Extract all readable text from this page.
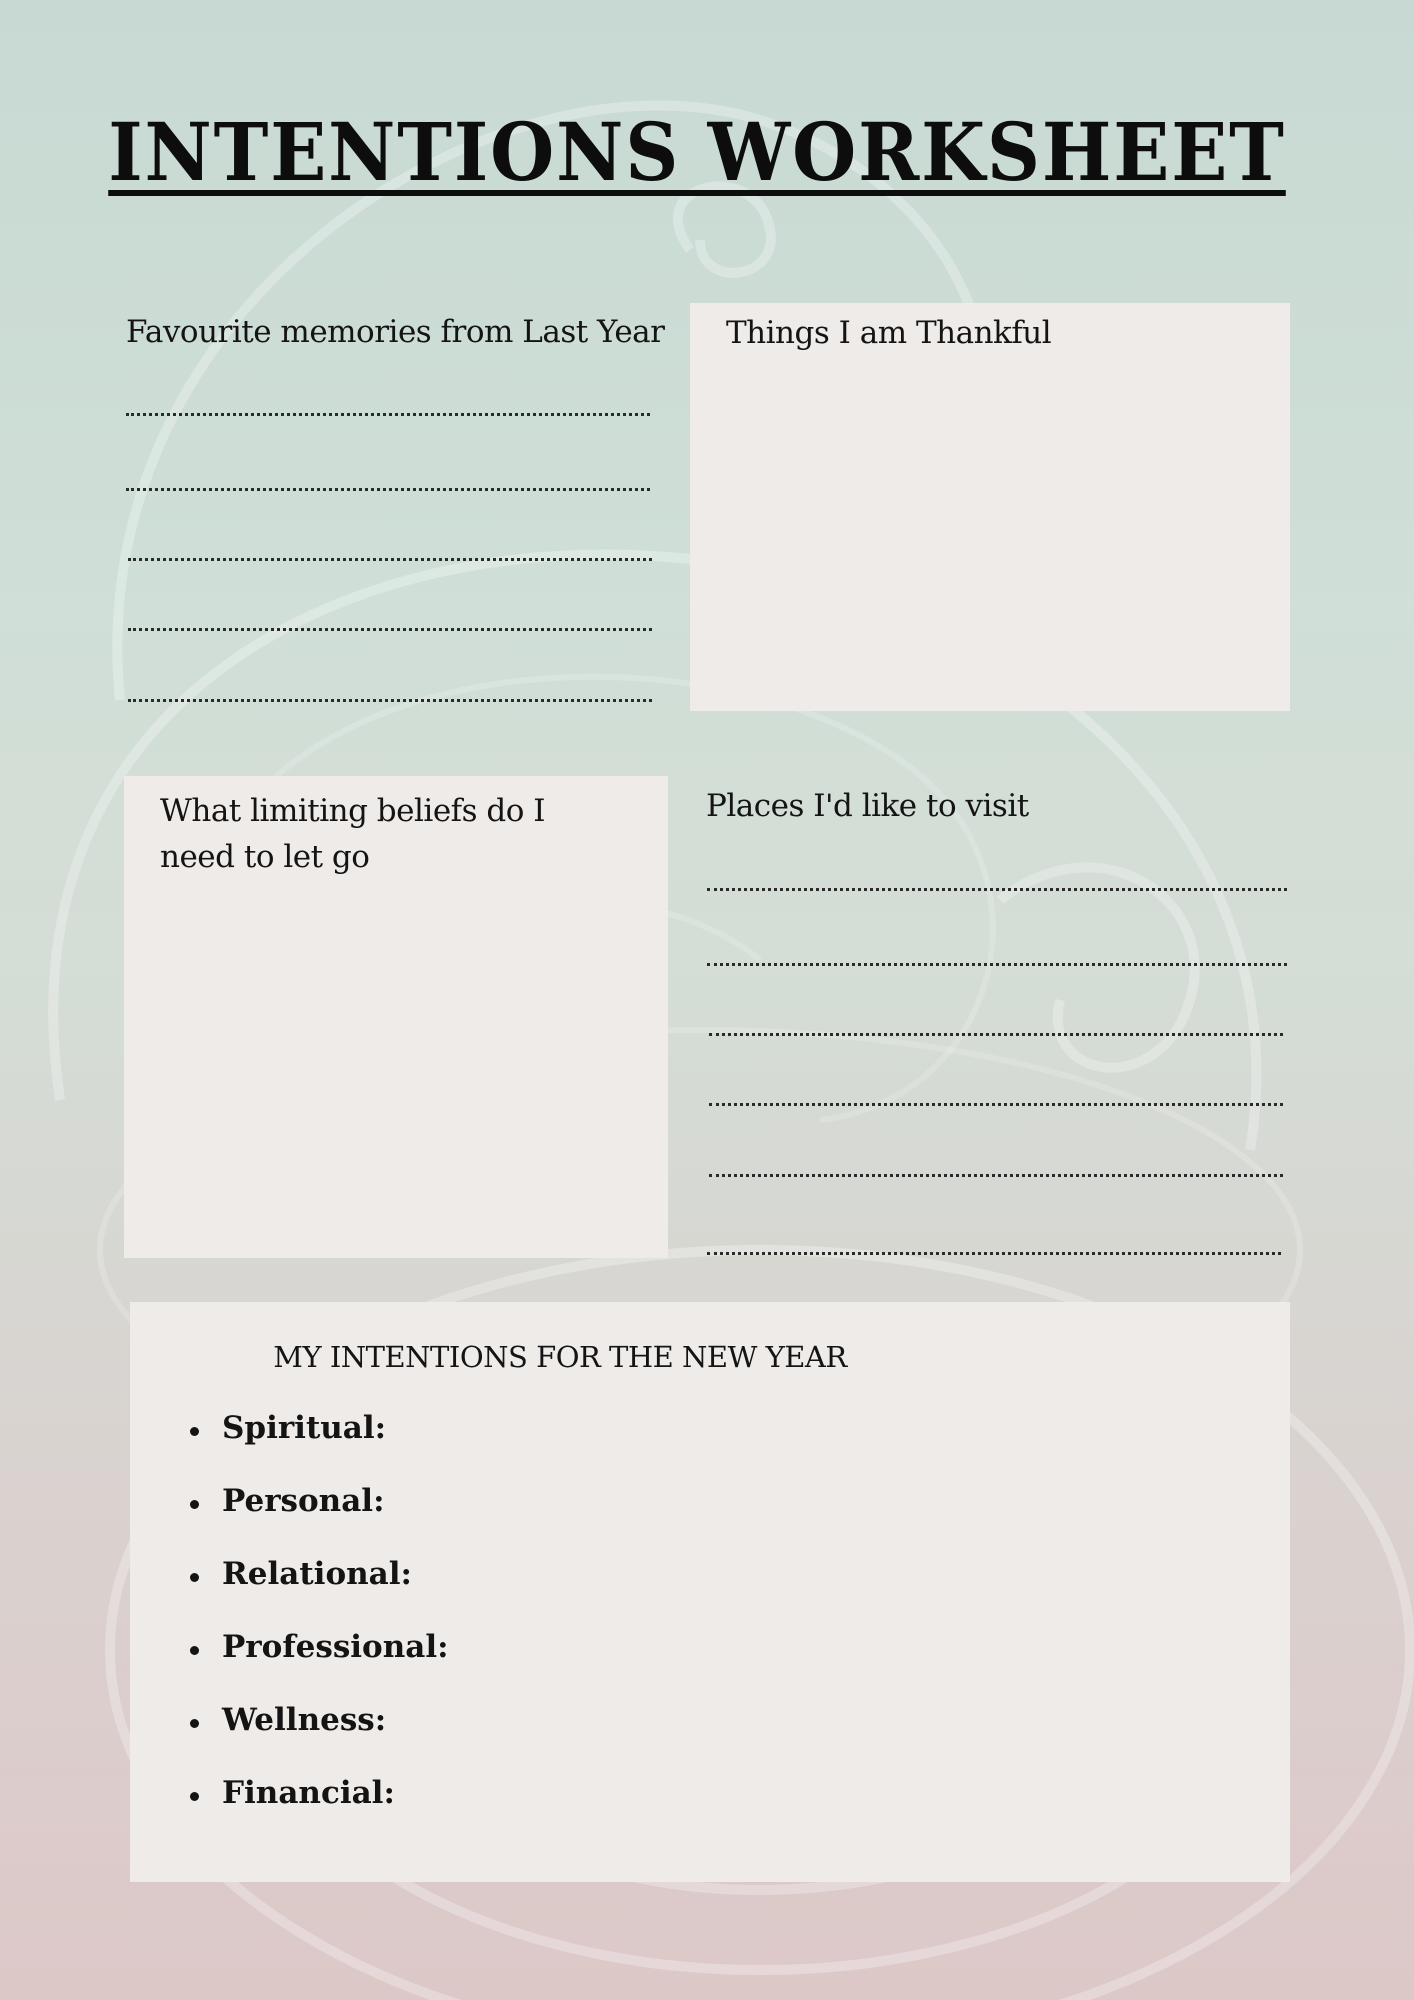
INTENTIONS WORKSHEET
Favourite memories from Last Year Things I am Thankful
What limiting beliefs do I need to let go
Places I'd like to visit
MY INTENTIONS FOR THE NEW YEAR
Spiritual:
Personal:
Relational:
Professional:
Wellness:
Financial:
